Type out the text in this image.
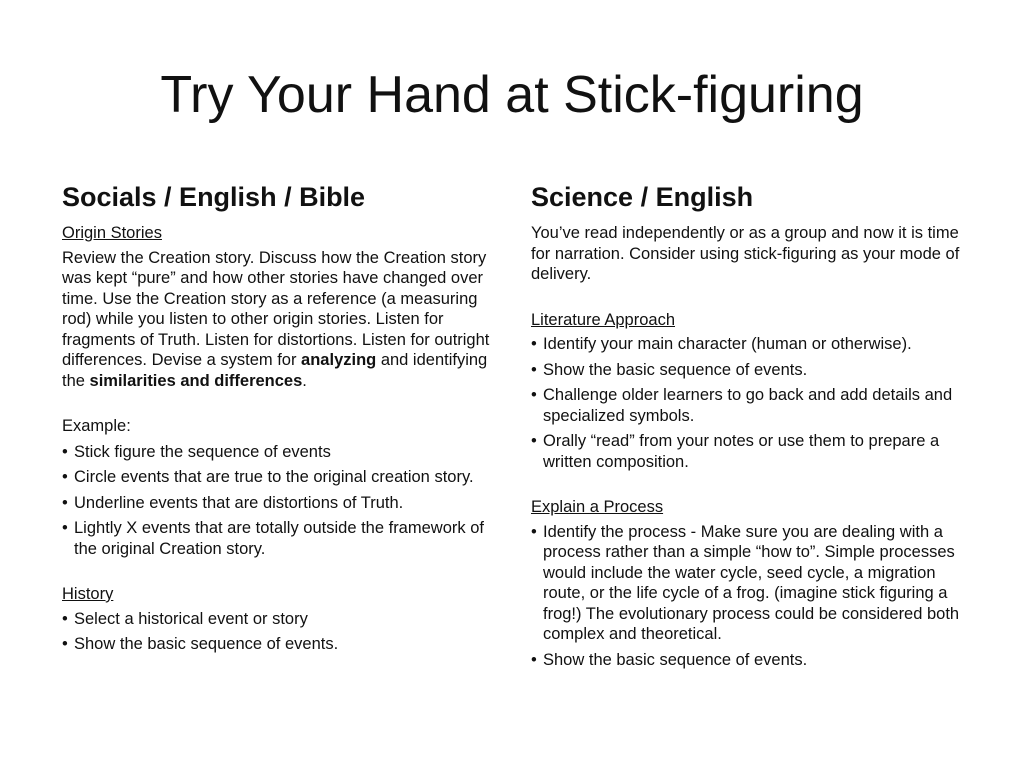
Try Your Hand at Stick-figuring
Socials / English / Bible
Origin Stories
Review the Creation story. Discuss how the Creation story was kept “pure” and how other stories have changed over time. Use the Creation story as a reference (a measuring rod) while you listen to other origin stories. Listen for fragments of Truth. Listen for distortions. Listen for outright differences. Devise a system for analyzing and identifying the similarities and differences.
Example:
• Stick figure the sequence of events
• Circle events that are true to the original creation story.
• Underline events that are distortions of Truth.
• Lightly X events that are totally outside the framework of the original Creation story.
History
• Select a historical event or story
• Show the basic sequence of events.
Science / English
You’ve read independently or as a group and now it is time for narration. Consider using stick-figuring as your mode of delivery.
Literature Approach
• Identify your main character (human or otherwise).
• Show the basic sequence of events.
• Challenge older learners to go back and add details and specialized symbols.
• Orally “read” from your notes or use them to prepare a written composition.
Explain a Process
• Identify the process - Make sure you are dealing with a process rather than a simple “how to”. Simple processes would include the water cycle, seed cycle, a migration route, or the life cycle of a frog. (imagine stick figuring a frog!) The evolutionary process could be considered both complex and theoretical.
• Show the basic sequence of events.
